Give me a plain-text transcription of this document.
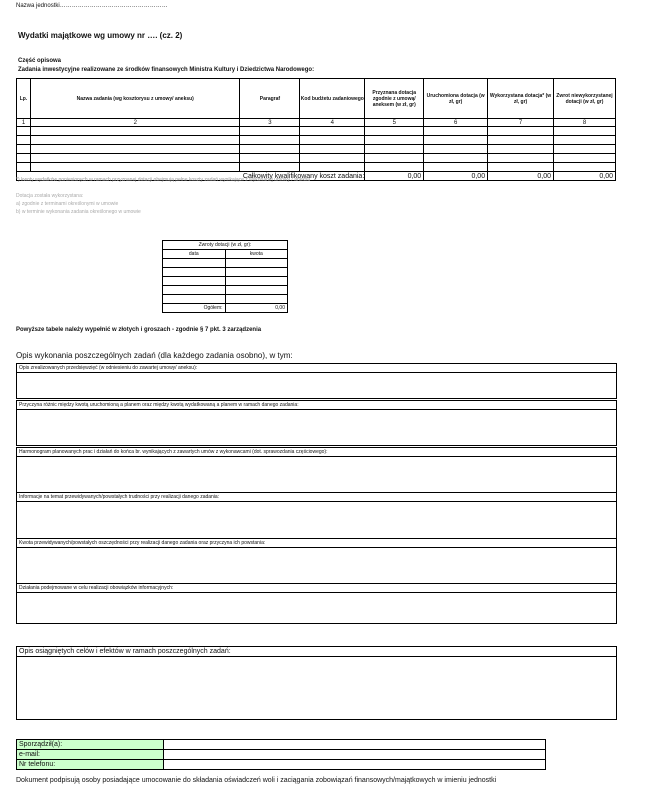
Nazwa jednostki………………………………………………
Wydatki majątkowe wg umowy nr …. (cz. 2)
Część opisowa
Zadania inwestycyjne realizowane ze środków finansowych Ministra Kultury i Dziedzictwa Narodowego:
Lp.	Nazwa zadania (wg kosztorysu z umowy/ aneksu)	Paragraf	Kod budżetu zadaniowego	Przyznana dotacja zgodnie z umową/ aneksem (w zł, gr)	Uruchomiona dotacja (w zł, gr)	Wykorzystana dotacja* (w zł, gr)	Zwrot niewykorzystanej dotacji (w zł, gr)
1	2	3	4	5	6	7	8

Całkowity kwalifikowany koszt zadania:				0,00	0,00	0,00	0,00
*) kwoty wydatków poniesionych w ramach przyznanej dotacji obejmują pełne koszty zadań wynikające z wykonanej umowy / aneksu
Dotacja została wykorzystana:
a) zgodnie z terminami określonymi w umowie
b) w terminie wykonania zadania określonego w umowie
Zwroty dotacji (w zł, gr):	
data	kwota

Ogółem:	0,00
Powyższe tabele należy wypełnić w złotych i groszach - zgodnie § 7 pkt. 3 zarządzenia
Opis wykonania poszczególnych zadań (dla każdego zadania osobno), w tym:
Opis zrealizowanych przedsięwzięć (w odniesieniu do zawartej umowy/ aneksu):
Przyczyna różnic między kwotą uruchomioną a planem oraz między kwotą wydatkowaną a planem w ramach danego zadania:
Harmonogram planowanych prac i działań do końca br. wynikających z zawartych umów z wykonawcami (dot. sprawozdania częściowego):
Informacje na temat przewidywanych/powstałych trudności przy realizacji danego zadania:
Kwota przewidywanych/powstałych oszczędności przy realizacji danego zadania oraz przyczyna ich powstania:
Działania podejmowane w celu realizacji obowiązków informacyjnych:
Opis osiągniętych celów i efektów w ramach poszczególnych zadań:
Sporządził(a):	
e-mail:	
Nr telefonu:	
Dokument podpisują osoby posiadające umocowanie do składania oświadczeń woli i zaciągania zobowiązań finansowych/majątkowych w imieniu jednostki
